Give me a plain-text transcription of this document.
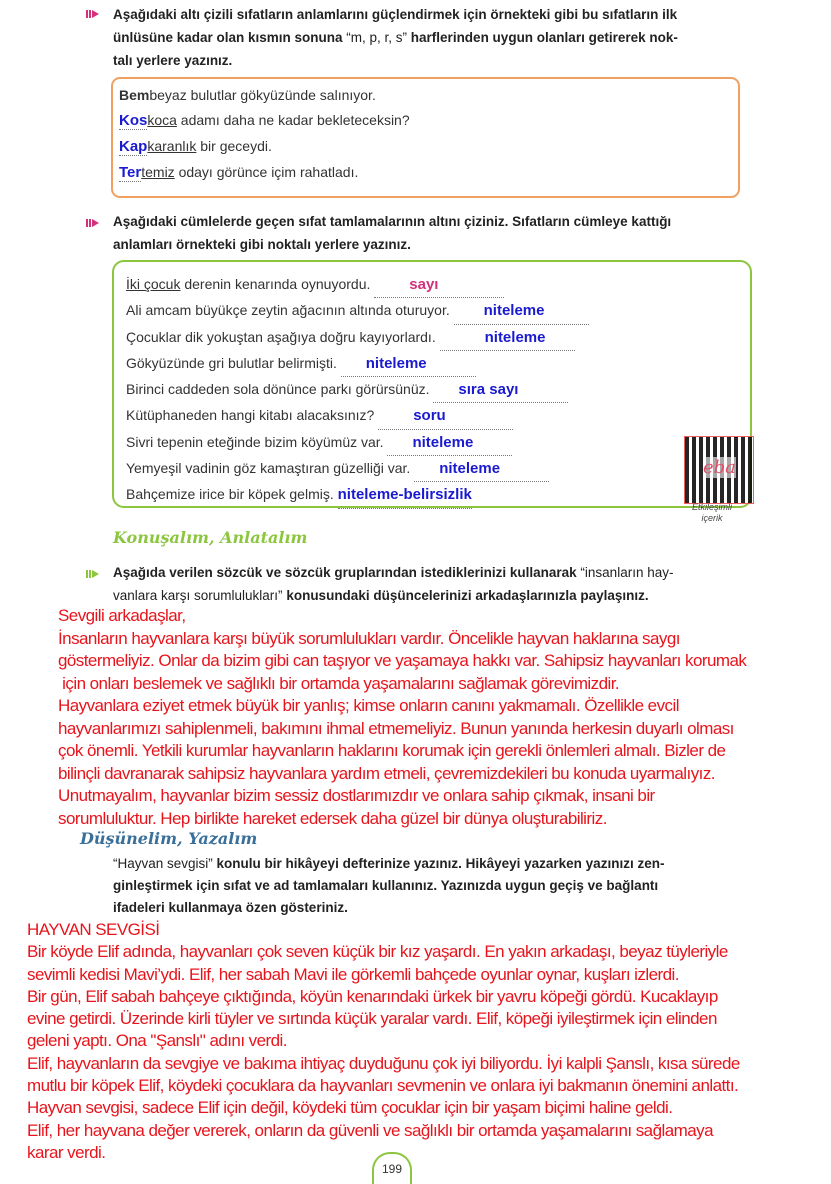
Aşağıdaki altı çizili sıfatların anlamlarını güçlendirmek için örnekteki gibi bu sıfatların ilk
ünlüsüne kadar olan kısmın sonuna “m, p, r, s” harflerinden uygun olanları getirerek nok-
talı yerlere yazınız.
Bembeyaz bulutlar gökyüzünde salınıyor.
Koskoca adamı daha ne kadar bekleteceksin?
Kapkaranlık bir geceydi.
Tertemiz odayı görünce içim rahatladı.
Aşağıdaki cümlelerde geçen sıfat tamlamalarının altını çiziniz. Sıfatların cümleye kattığı
anlamları örnekteki gibi noktalı yerlere yazınız.
İki çocuk derenin kenarında oynuyordu.	sayı
Ali amcam büyükçe zeytin ağacının altında oturuyor. niteleme
Çocuklar dik yokuştan aşağıya doğru kayıyorlardı.	niteleme
Gökyüzünde gri bulutlar belirmişti. niteleme
Birinci caddeden sola dönünce parkı görürsünüz. sıra sayı
Kütüphaneden hangi kitabı alacaksınız?	soru
Sivri tepenin eteğinde bizim köyümüz var. niteleme
Yemyeşil vadinin göz kamaştıran güzelliği var. niteleme
Bahçemize irice bir köpek gelmiş. niteleme-belirsizlik
eba
Etkileşimli
içerik
Konuşalım, Anlatalım
Aşağıda verilen sözcük ve sözcük gruplarından istediklerinizi kullanarak “insanların hay-
vanlara karşı sorumlulukları” konusundaki düşüncelerinizi arkadaşlarınızla paylaşınız.
Sevgili arkadaşlar,
İnsanların hayvanlara karşı büyük sorumlulukları vardır. Öncelikle hayvan haklarına saygı
göstermeliyiz. Onlar da bizim gibi can taşıyor ve yaşamaya hakkı var. Sahipsiz hayvanları korumak
için onları beslemek ve sağlıklı bir ortamda yaşamalarını sağlamak görevimizdir.
Hayvanlara eziyet etmek büyük bir yanlış; kimse onların canını yakmamalı. Özellikle evcil
hayvanlarımızı sahiplenmeli, bakımını ihmal etmemeliyiz. Bunun yanında herkesin duyarlı olması
çok önemli. Yetkili kurumlar hayvanların haklarını korumak için gerekli önlemleri almalı. Bizler de
bilinçli davranarak sahipsiz hayvanlara yardım etmeli, çevremizdekileri bu konuda uyarmalıyız.
Unutmayalım, hayvanlar bizim sessiz dostlarımızdır ve onlara sahip çıkmak, insani bir
sorumluluktur. Hep birlikte hareket edersek daha güzel bir dünya oluşturabiliriz.
Düşünelim, Yazalım
“Hayvan sevgisi” konulu bir hikâyeyi defterinize yazınız. Hikâyeyi yazarken yazınızı zen-
ginleştirmek için sıfat ve ad tamlamaları kullanınız. Yazınızda uygun geçiş ve bağlantı
ifadeleri kullanmaya özen gösteriniz.
HAYVAN SEVGİSİ
Bir köyde Elif adında, hayvanları çok seven küçük bir kız yaşardı. En yakın arkadaşı, beyaz tüyleriyle
sevimli kedisi Mavi’ydi. Elif, her sabah Mavi ile görkemli bahçede oyunlar oynar, kuşları izlerdi.
Bir gün, Elif sabah bahçeye çıktığında, köyün kenarındaki ürkek bir yavru köpeği gördü. Kucaklayıp
evine getirdi. Üzerinde kirli tüyler ve sırtında küçük yaralar vardı. Elif, köpeği iyileştirmek için elinden
geleni yaptı. Ona "Şanslı" adını verdi.
Elif, hayvanların da sevgiye ve bakıma ihtiyaç duyduğunu çok iyi biliyordu. İyi kalpli Şanslı, kısa sürede
mutlu bir köpek Elif, köydeki çocuklara da hayvanları sevmenin ve onlara iyi bakmanın önemini anlattı.
Hayvan sevgisi, sadece Elif için değil, köydeki tüm çocuklar için bir yaşam biçimi haline geldi.
Elif, her hayvana değer vererek, onların da güvenli ve sağlıklı bir ortamda yaşamalarını sağlamaya
karar verdi.
199
